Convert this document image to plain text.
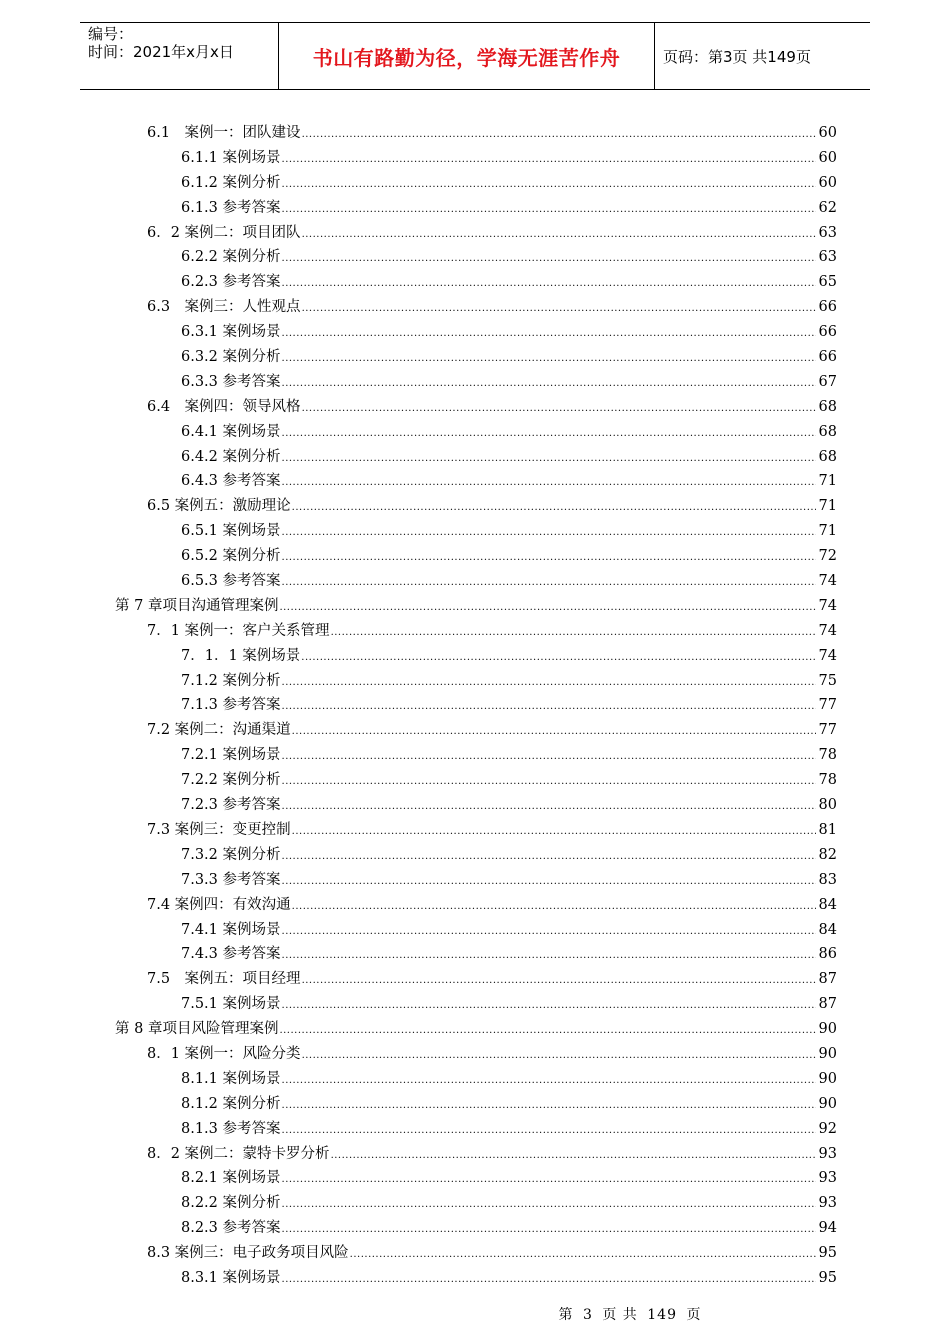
编号：
时间：2021年x月x日	书山有路勤为径，学海无涯苦作舟	页码：第3页 共149页
6.1　案例一：团队建设 .....	60
6.1.1 案例场景 .....	60
6.1.2 案例分析 .....	60
6.1.3 参考答案 .....	62
6．2 案例二：项目团队 .....	63
6.2.2 案例分析 .....	63
6.2.3 参考答案 .....	65
6.3　案例三：人性观点 .....	66
6.3.1 案例场景 .....	66
6.3.2 案例分析 .....	66
6.3.3 参考答案 .....	67
6.4　案例四：领导风格 .....	68
6.4.1 案例场景 .....	68
6.4.2 案例分析 .....	68
6.4.3 参考答案 .....	71
6.5 案例五：激励理论 .....	71
6.5.1 案例场景 .....	71
6.5.2 案例分析 .....	72
6.5.3 参考答案 .....	74
第 7 章项目沟通管理案例 .....	74
7．1 案例一：客户关系管理 .....	74
7．1．1 案例场景 .....	74
7.1.2 案例分析 .....	75
7.1.3 参考答案 .....	77
7.2 案例二：沟通渠道 .....	77
7.2.1 案例场景 .....	78
7.2.2 案例分析 .....	78
7.2.3 参考答案 .....	80
7.3 案例三：变更控制 .....	81
7.3.2 案例分析 .....	82
7.3.3 参考答案 .....	83
7.4 案例四：有效沟通 .....	84
7.4.1 案例场景 .....	84
7.4.3 参考答案 .....	86
7.5　案例五：项目经理 .....	87
7.5.1 案例场景 .....	87
第 8 章项目风险管理案例 .....	90
8．1 案例一：风险分类 .....	90
8.1.1 案例场景 .....	90
8.1.2 案例分析 .....	90
8.1.3 参考答案 .....	92
8．2 案例二：蒙特卡罗分析 .....	93
8.2.1 案例场景 .....	93
8.2.2 案例分析 .....	93
8.2.3 参考答案 .....	94
8.3 案例三：电子政务项目风险 .....	95
8.3.1 案例场景 .....	95
第 3 页 共 149 页
